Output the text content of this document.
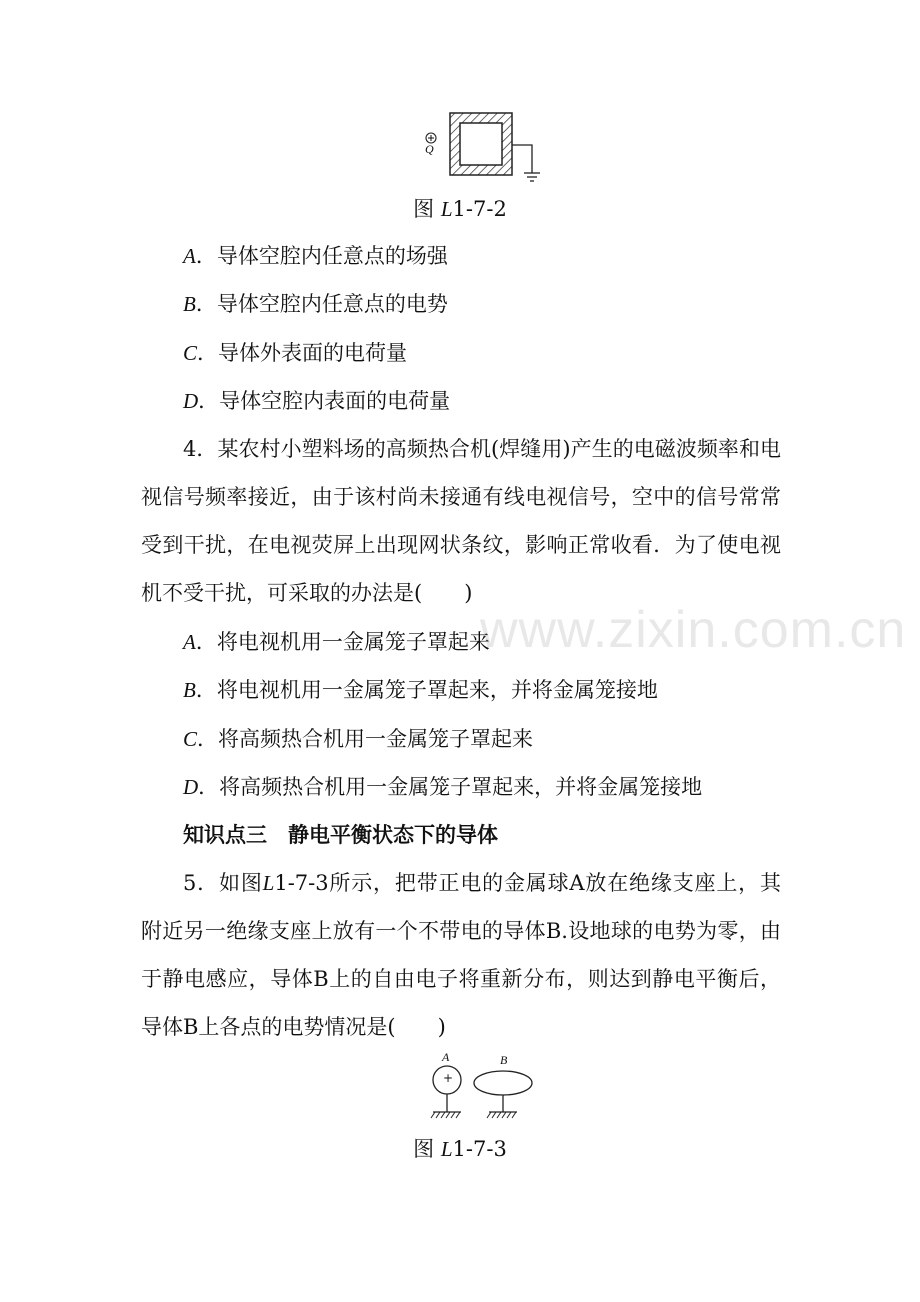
Q
图 L1-7-2
A．导体空腔内任意点的场强
B．导体空腔内任意点的电势
C．导体外表面的电荷量
D．导体空腔内表面的电荷量
4．某农村小塑料场的高频热合机(焊缝用)产生的电磁波频率和电视信号频率接近，由于该村尚未接通有线电视信号，空中的信号常常受到干扰，在电视荧屏上出现网状条纹，影响正常收看．为了使电视机不受干扰，可采取的办法是(　　)
A．将电视机用一金属笼子罩起来
B．将电视机用一金属笼子罩起来，并将金属笼接地
C．将高频热合机用一金属笼子罩起来
D．将高频热合机用一金属笼子罩起来，并将金属笼接地
知识点三　静电平衡状态下的导体
5．如图L1-7-3所示，把带正电的金属球A放在绝缘支座上，其附近另一绝缘支座上放有一个不带电的导体B.设地球的电势为零，由于静电感应，导体B上的自由电子将重新分布，则达到静电平衡后，导体B上各点的电势情况是(　　)
A
+
B
图 L1-7-3
www.zixin.com.cn
